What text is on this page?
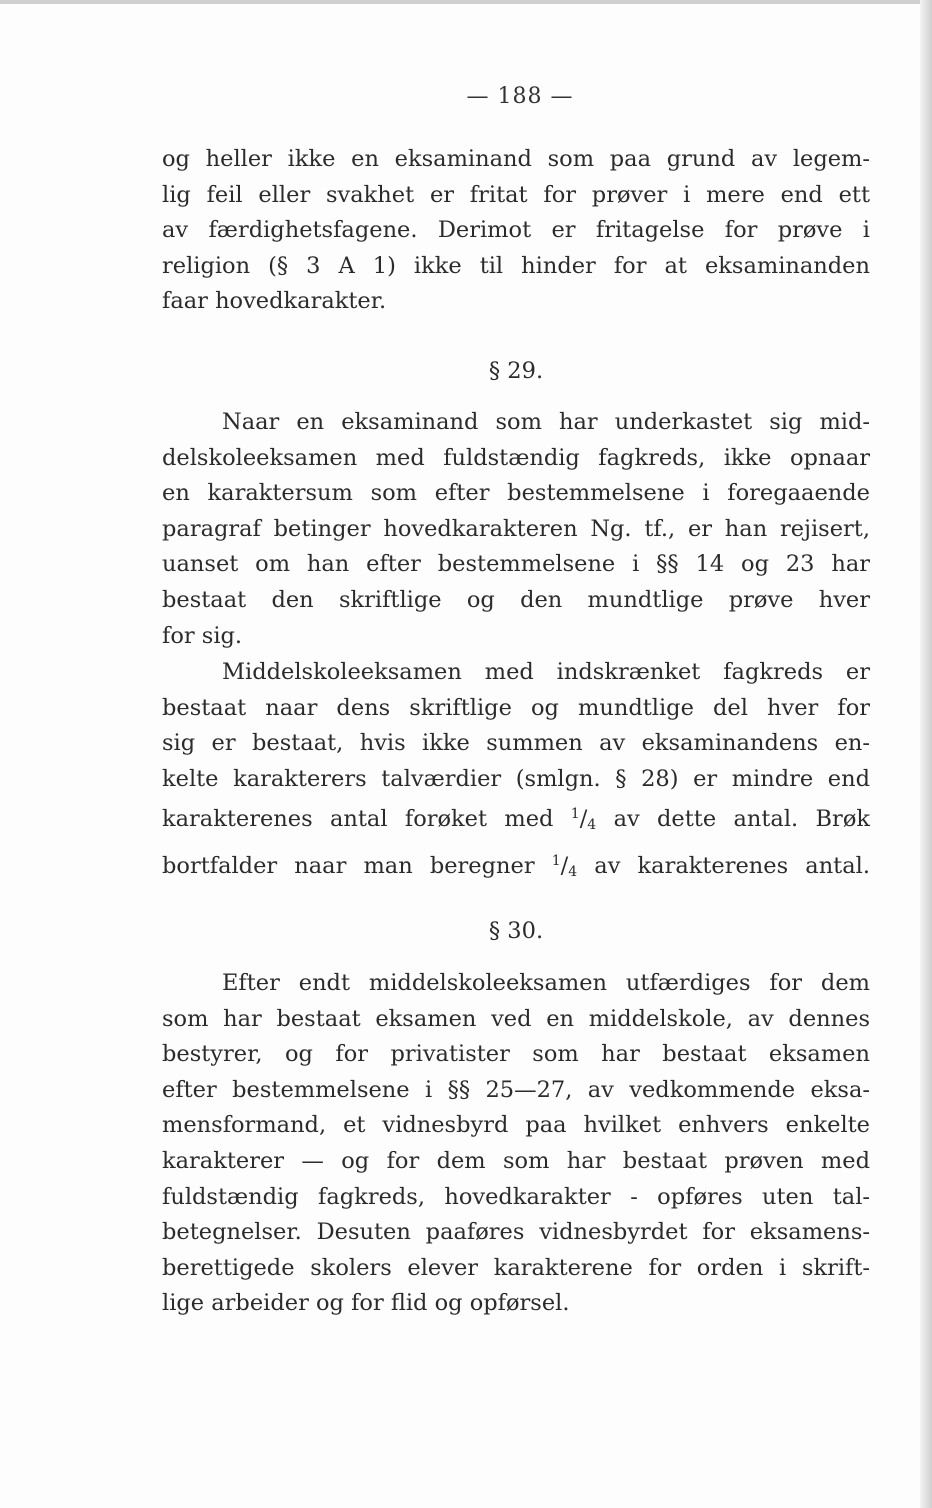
— 188 —
og heller ikke en eksaminand som paa grund av legem-
lig feil eller svakhet er fritat for prøver i mere end ett
av færdighetsfagene. Derimot er fritagelse for prøve i
religion (§ 3 A 1) ikke til hinder for at eksaminanden
faar hovedkarakter.
§ 29.
Naar en eksaminand som har underkastet sig mid-
delskoleeksamen med fuldstændig fagkreds, ikke opnaar
en karaktersum som efter bestemmelsene i foregaaende
paragraf betinger hovedkarakteren Ng. tf., er han rejisert,
uanset om han efter bestemmelsene i §§ 14 og 23 har
bestaat den skriftlige og den mundtlige prøve hver
for sig.
Middelskoleeksamen med indskrænket fagkreds er
bestaat naar dens skriftlige og mundtlige del hver for
sig er bestaat, hvis ikke summen av eksaminandens en-
kelte karakterers talværdier (smlgn. § 28) er mindre end
karakterenes antal forøket med $^1/_4$ av dette antal. Brøk
bortfalder naar man beregner $^1/_4$ av karakterenes antal.
§ 30.
Efter endt middelskoleeksamen utfærdiges for dem
som har bestaat eksamen ved en middelskole, av dennes
bestyrer, og for privatister som har bestaat eksamen
efter bestemmelsene i §§ 25—27, av vedkommende eksa-
mensformand, et vidnesbyrd paa hvilket enhvers enkelte
karakterer — og for dem som har bestaat prøven med
fuldstændig fagkreds, hovedkarakter - opføres uten tal-
betegnelser. Desuten paaføres vidnesbyrdet for eksamens-
berettigede skolers elever karakterene for orden i skrift-
lige arbeider og for flid og opførsel.
